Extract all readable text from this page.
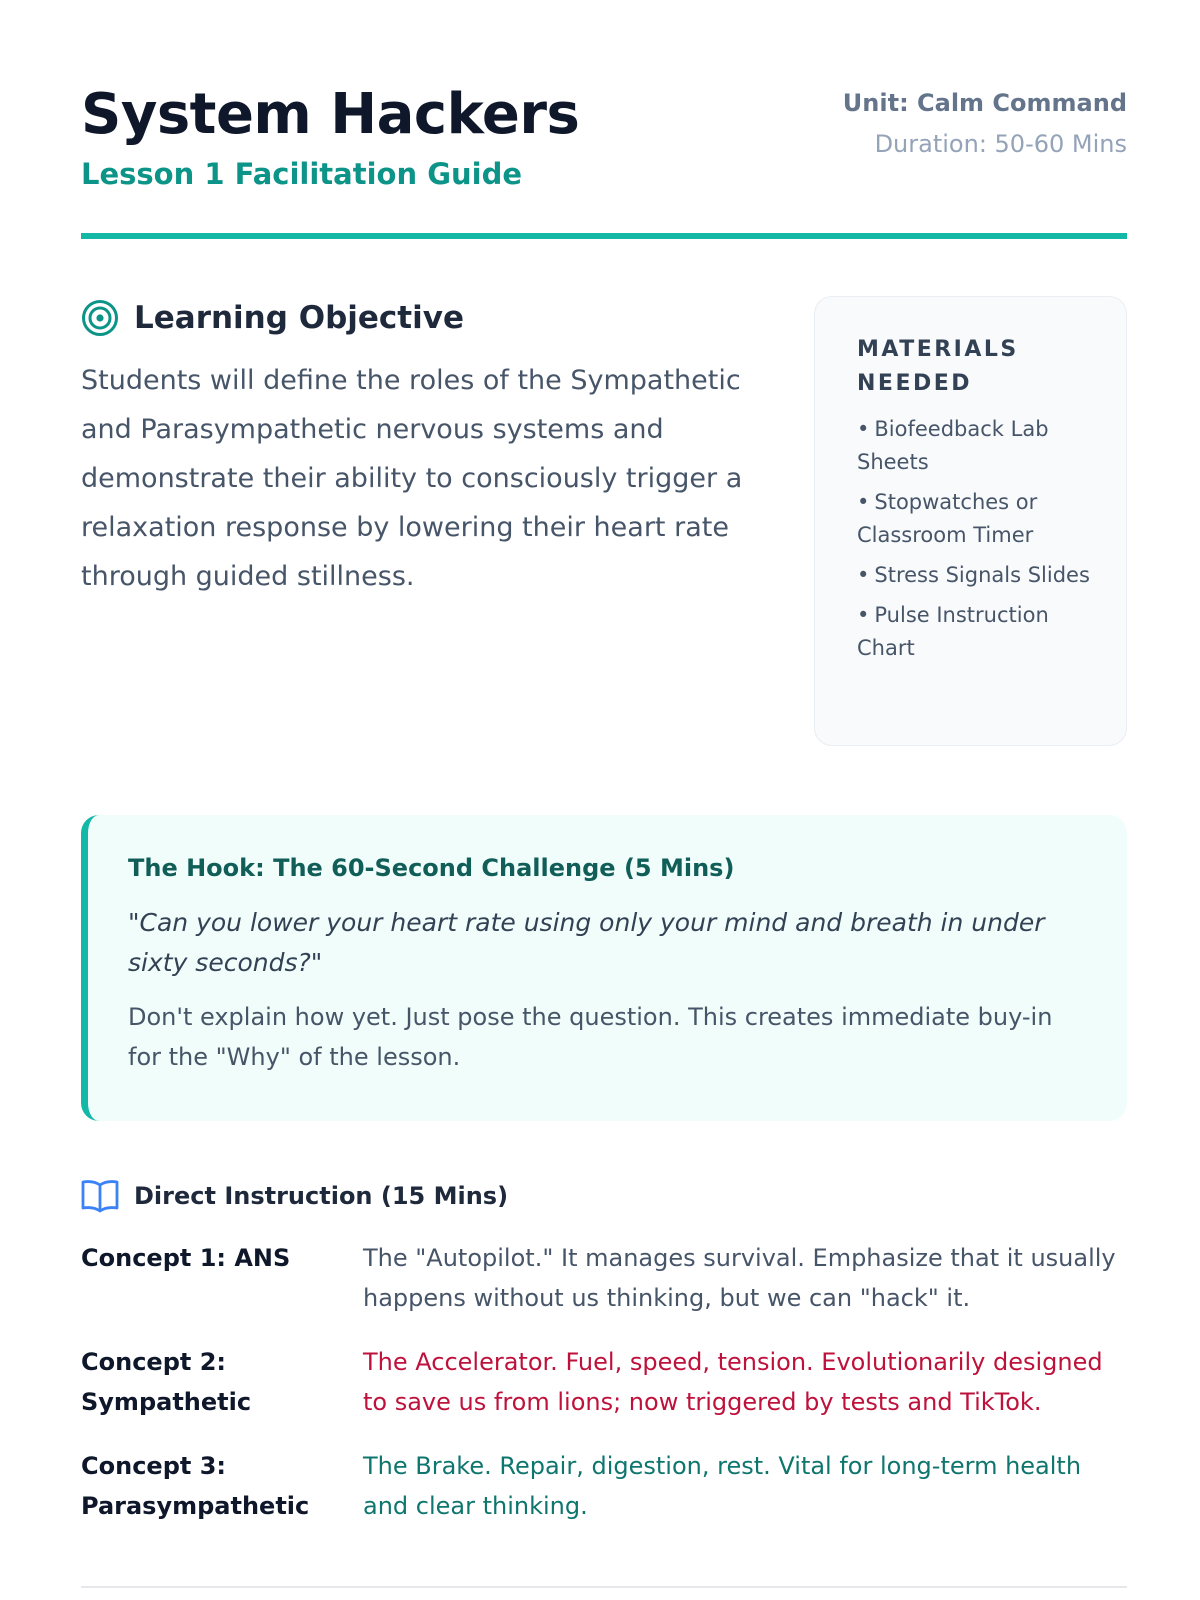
System Hackers
Lesson 1 Facilitation Guide
Unit: Calm Command
Duration: 50-60 Mins
Learning Objective

Students will define the roles of the Sympathetic and Parasympathetic nervous systems and demonstrate their ability to consciously trigger a relaxation response by lowering their heart rate through guided stillness.

MATERIALS NEEDED
• Biofeedback Lab Sheets
• Stopwatches or Classroom Timer
• Stress Signals Slides
• Pulse Instruction Chart
The Hook: The 60-Second Challenge (5 Mins)

"Can you lower your heart rate using only your mind and breath in under sixty seconds?"

Don't explain how yet. Just pose the question. This creates immediate buy-in for the "Why" of the lesson.

Direct Instruction (15 Mins)
Concept 1: ANS	The "Autopilot." It manages survival. Emphasize that it usually happens without us thinking, but we can "hack" it.
Concept 2: Sympathetic
The Accelerator. Fuel, speed, tension. Evolutionarily designed to save us from lions; now triggered by tests and TikTok.
Concept 3: Parasympathetic
The Brake. Repair, digestion, rest. Vital for long-term health and clear thinking.
